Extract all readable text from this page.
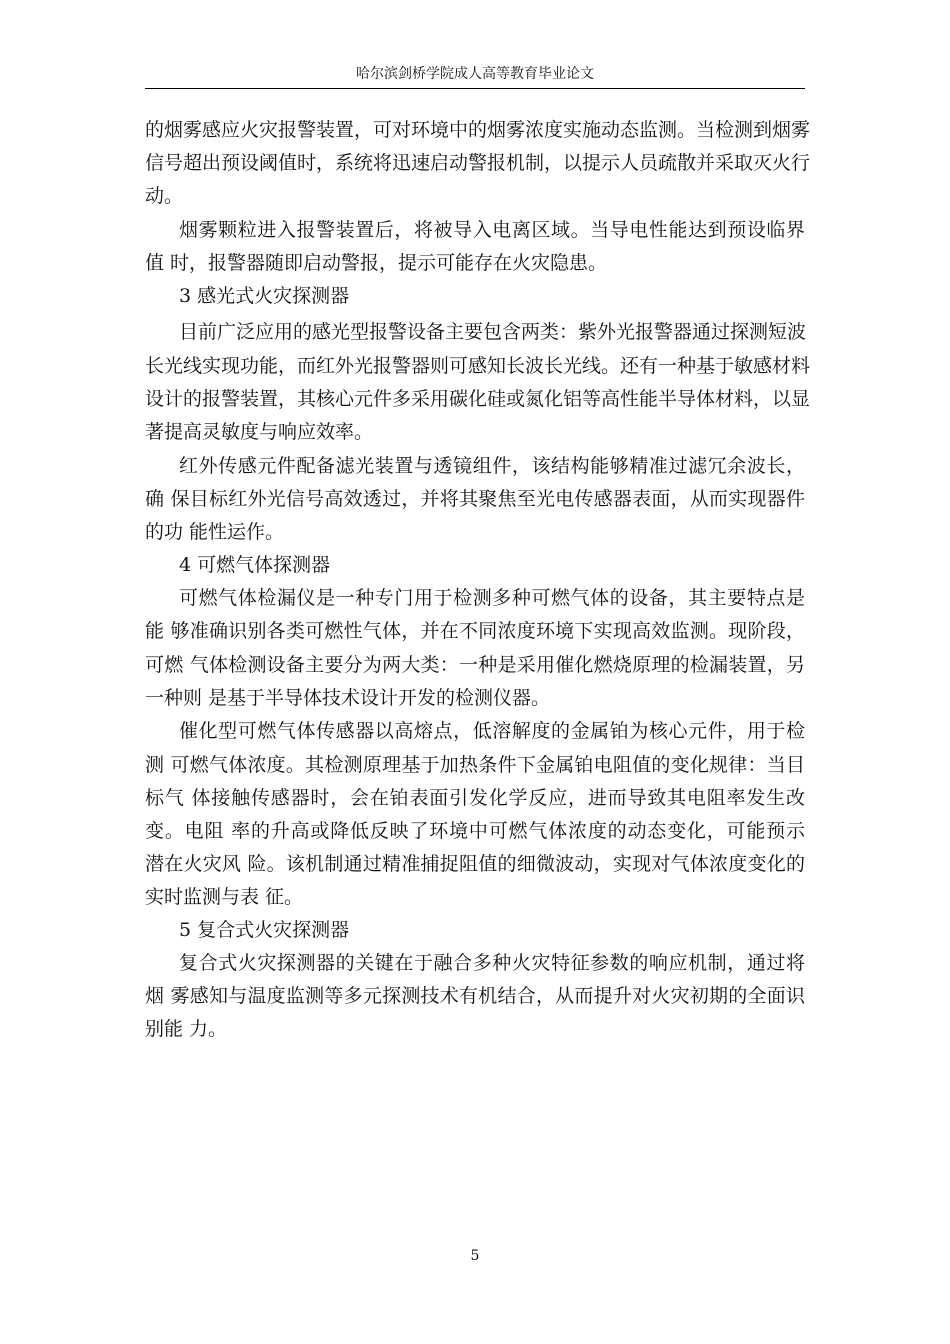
哈尔滨剑桥学院成人高等教育毕业论文
的烟雾感应火灾报警装置，可对环境中的烟雾浓度实施动态监测。当检测到烟雾
信号超出预设阈值时，系统将迅速启动警报机制，以提示人员疏散并采取灭火行
动。
烟雾颗粒进入报警装置后，将被导入电离区域。当导电性能达到预设临界
值 时，报警器随即启动警报，提示可能存在火灾隐患。
3 感光式火灾探测器
目前广泛应用的感光型报警设备主要包含两类：紫外光报警器通过探测短波
长光线实现功能，而红外光报警器则可感知长波长光线。还有一种基于敏感材料
设计的报警装置，其核心元件多采用碳化硅或氮化铝等高性能半导体材料，以显
著提高灵敏度与响应效率。
红外传感元件配备滤光装置与透镜组件，该结构能够精准过滤冗余波长，
确 保目标红外光信号高效透过，并将其聚焦至光电传感器表面，从而实现器件
的功 能性运作。
4 可燃气体探测器
可燃气体检漏仪是一种专门用于检测多种可燃气体的设备，其主要特点是
能 够准确识别各类可燃性气体，并在不同浓度环境下实现高效监测。现阶段，
可燃 气体检测设备主要分为两大类：一种是采用催化燃烧原理的检漏装置，另
一种则 是基于半导体技术设计开发的检测仪器。
催化型可燃气体传感器以高熔点，低溶解度的金属铂为核心元件，用于检
测 可燃气体浓度。其检测原理基于加热条件下金属铂电阻值的变化规律：当目
标气 体接触传感器时，会在铂表面引发化学反应，进而导致其电阻率发生改
变。电阻 率的升高或降低反映了环境中可燃气体浓度的动态变化，可能预示
潜在火灾风 险。该机制通过精准捕捉阻值的细微波动，实现对气体浓度变化的
实时监测与表 征。
5 复合式火灾探测器
复合式火灾探测器的关键在于融合多种火灾特征参数的响应机制，通过将
烟 雾感知与温度监测等多元探测技术有机结合，从而提升对火灾初期的全面识
别能 力。
5
